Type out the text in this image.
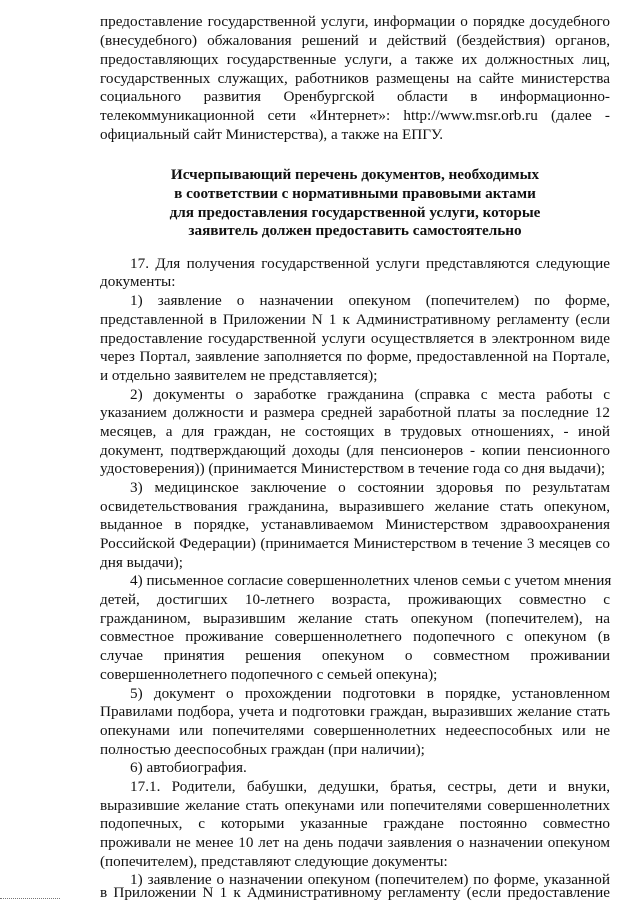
предоставление государственной услуги, информации о порядке досудебного
(внесудебного) обжалования решений и действий (бездействия) органов,
предоставляющих государственные услуги, а также их должностных лиц,
государственных служащих, работников размещены на сайте министерства
социального развития Оренбургской области в информационно-
телекоммуникационной сети «Интернет»: http://www.msr.orb.ru (далее -
официальный сайт Министерства), а также на ЕПГУ.
Исчерпывающий перечень документов, необходимых
в соответствии с нормативными правовыми актами
для предоставления государственной услуги, которые
заявитель должен предоставить самостоятельно
17. Для получения государственной услуги представляются следующие
документы:
1) заявление о назначении опекуном (попечителем) по форме,
представленной в Приложении N 1 к Административному регламенту (если
предоставление государственной услуги осуществляется в электронном виде
через Портал, заявление заполняется по форме, предоставленной на Портале,
и отдельно заявителем не представляется);
2) документы о заработке гражданина (справка с места работы с
указанием должности и размера средней заработной платы за последние 12
месяцев, а для граждан, не состоящих в трудовых отношениях, - иной
документ, подтверждающий доходы (для пенсионеров - копии пенсионного
удостоверения)) (принимается Министерством в течение года со дня выдачи);
3) медицинское заключение о состоянии здоровья по результатам
освидетельствования гражданина, выразившего желание стать опекуном,
выданное в порядке, устанавливаемом Министерством здравоохранения
Российской Федерации) (принимается Министерством в течение 3 месяцев со
дня выдачи);
4) письменное согласие совершеннолетних членов семьи с учетом мнения
детей, достигших 10-летнего возраста, проживающих совместно с
гражданином, выразившим желание стать опекуном (попечителем), на
совместное проживание совершеннолетнего подопечного с опекуном (в
случае принятия решения опекуном о совместном проживании
совершеннолетнего подопечного с семьей опекуна);
5) документ о прохождении подготовки в порядке, установленном
Правилами подбора, учета и подготовки граждан, выразивших желание стать
опекунами или попечителями совершеннолетних недееспособных или не
полностью дееспособных граждан (при наличии);
6) автобиография.
17.1. Родители, бабушки, дедушки, братья, сестры, дети и внуки,
выразившие желание стать опекунами или попечителями совершеннолетних
подопечных, с которыми указанные граждане постоянно совместно
проживали не менее 10 лет на день подачи заявления о назначении опекуном
(попечителем), представляют следующие документы:
1) заявление о назначении опекуном (попечителем) по форме, указанной
в Приложении N 1 к Административному регламенту (если предоставление
